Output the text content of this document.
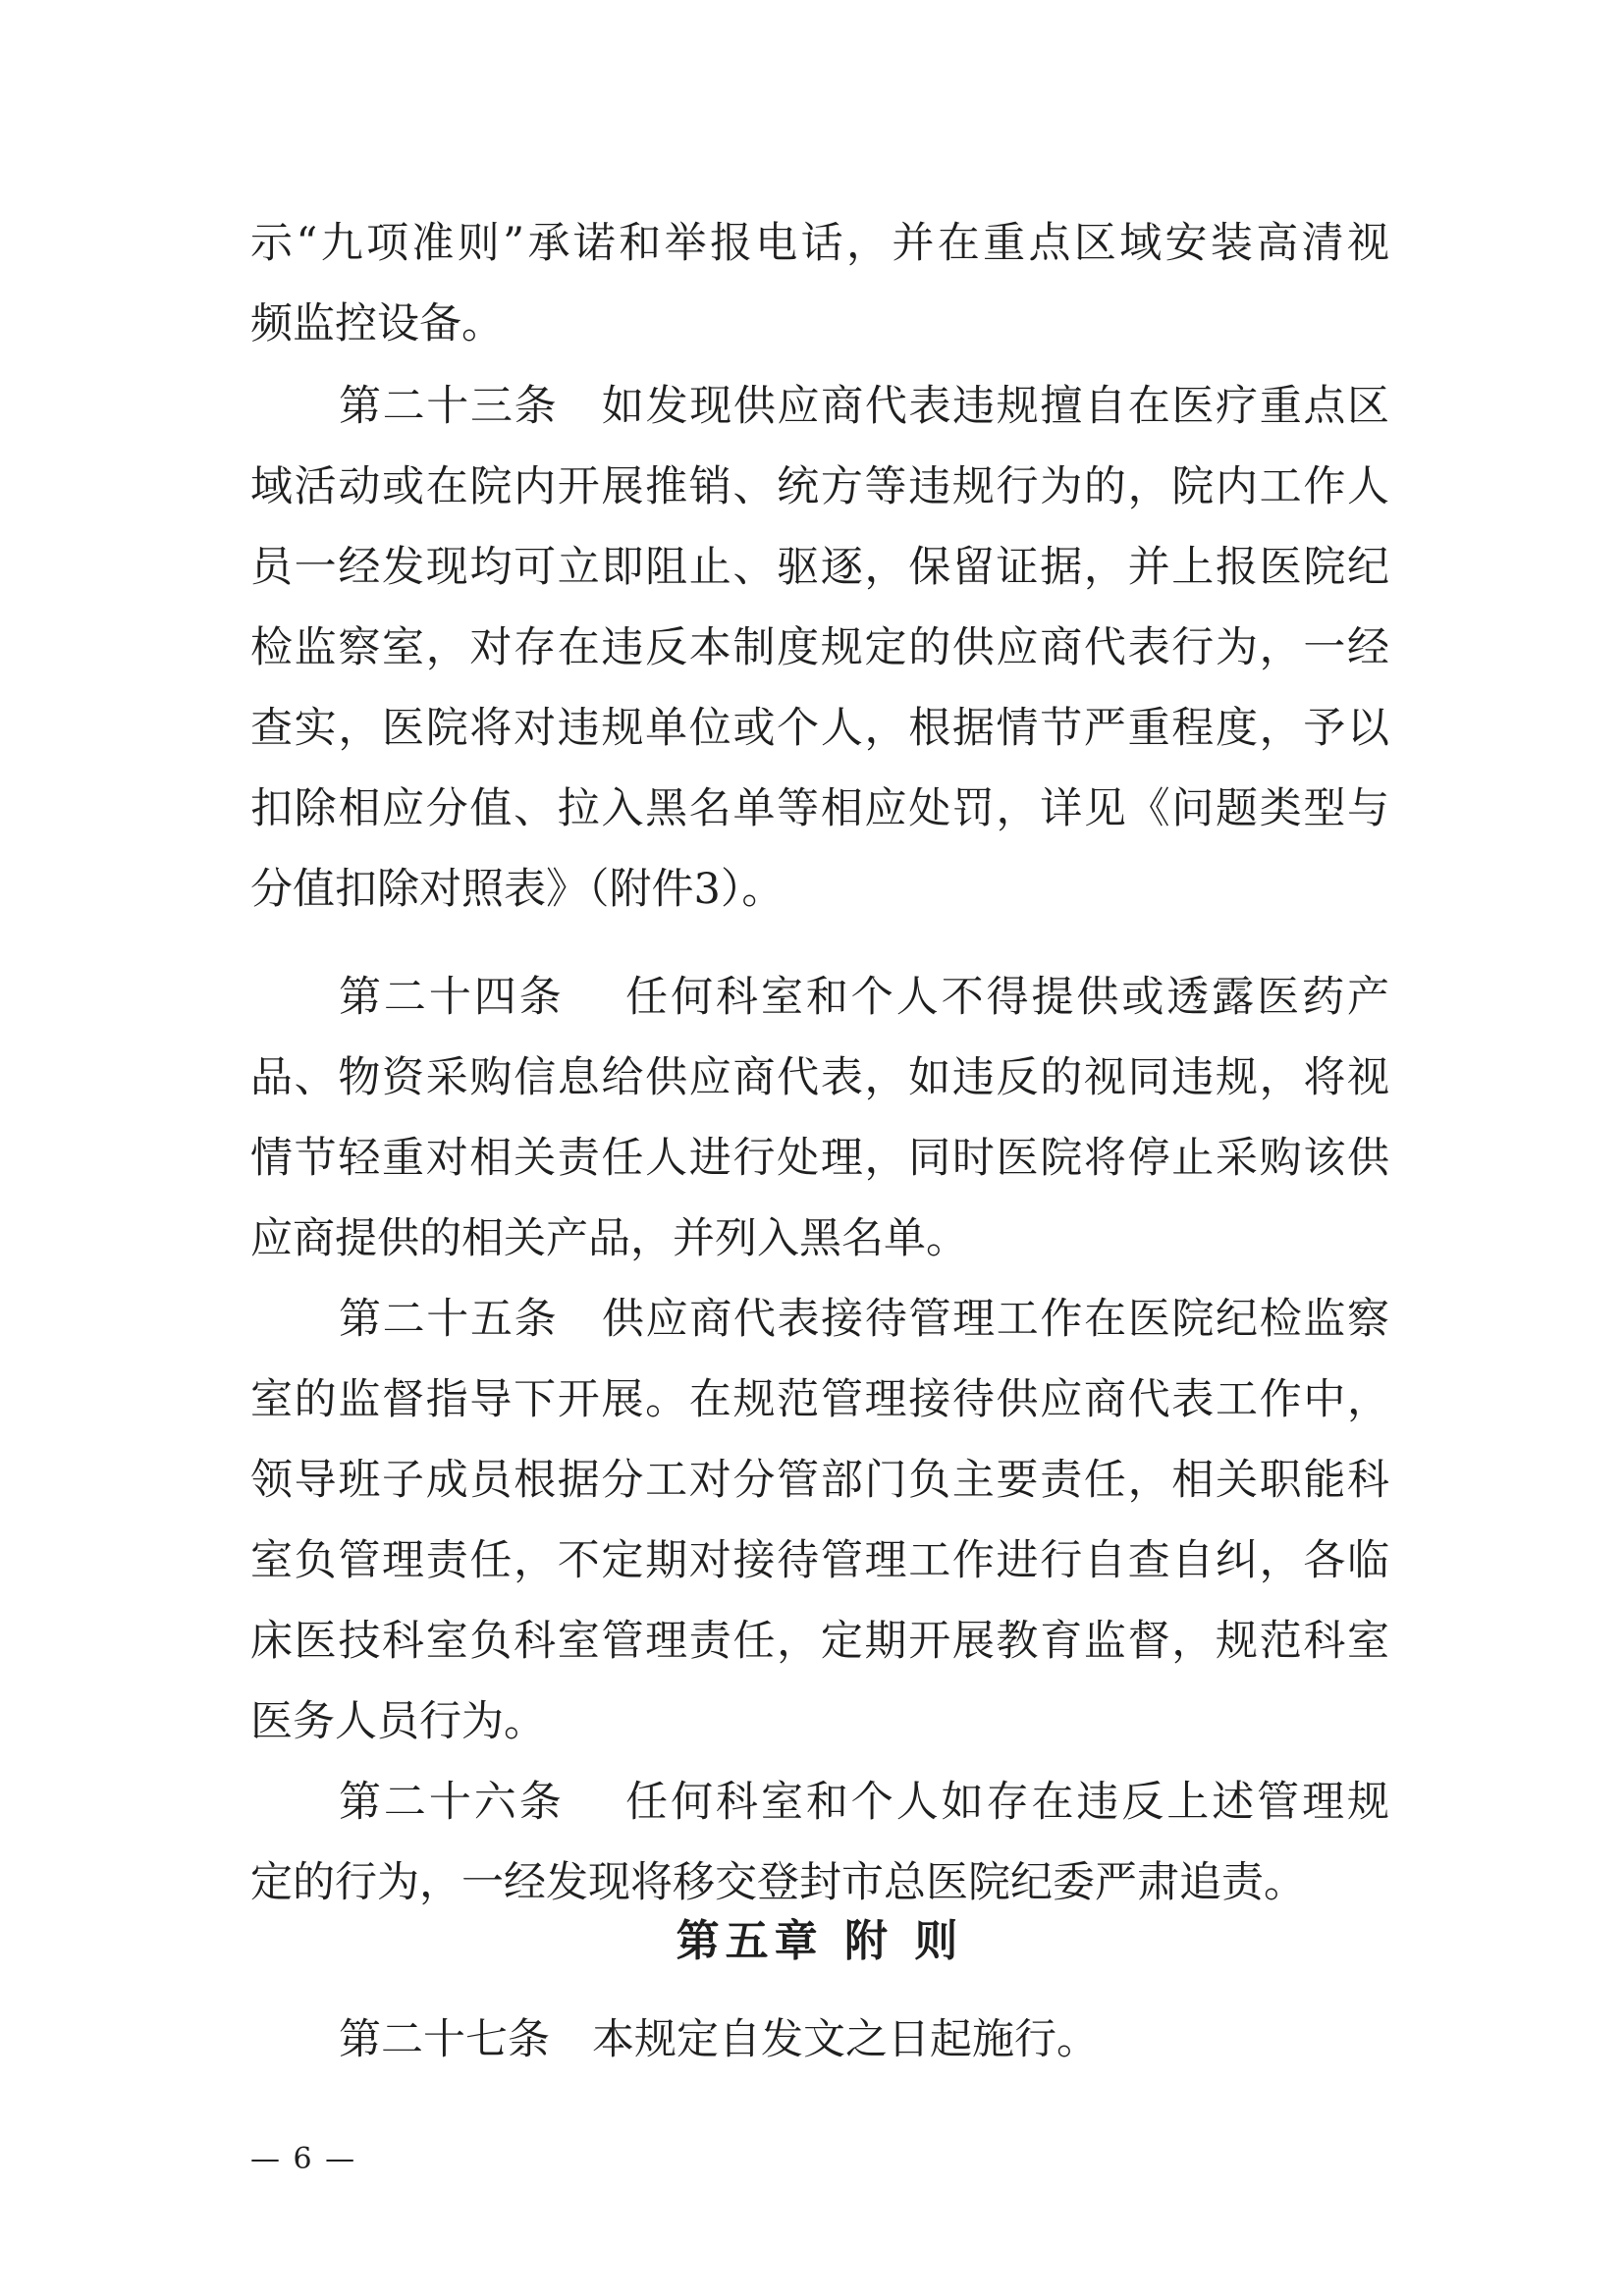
示“九项准则”承诺和举报电话，并在重点区域安装高清视
频监控设备。
第二十三条　如发现供应商代表违规擅自在医疗重点区
域活动或在院内开展推销、统方等违规行为的，院内工作人
员一经发现均可立即阻止、驱逐，保留证据，并上报医院纪
检监察室，对存在违反本制度规定的供应商代表行为，一经
查实，医院将对违规单位或个人，根据情节严重程度，予以
扣除相应分值、拉入黑名单等相应处罚，详见《问题类型与
分值扣除对照表》（附件3）。
第二十四条　 任何科室和个人不得提供或透露医药产
品、物资采购信息给供应商代表，如违反的视同违规，将视
情节轻重对相关责任人进行处理，同时医院将停止采购该供
应商提供的相关产品，并列入黑名单。
第二十五条　供应商代表接待管理工作在医院纪检监察
室的监督指导下开展。在规范管理接待供应商代表工作中，
领导班子成员根据分工对分管部门负主要责任，相关职能科
室负管理责任，不定期对接待管理工作进行自查自纠，各临
床医技科室负科室管理责任，定期开展教育监督，规范科室
医务人员行为。
第二十六条　 任何科室和个人如存在违反上述管理规
定的行为，一经发现将移交登封市总医院纪委严肃追责。
第五章 附 则
第二十七条　本规定自发文之日起施行。
— 6 —
